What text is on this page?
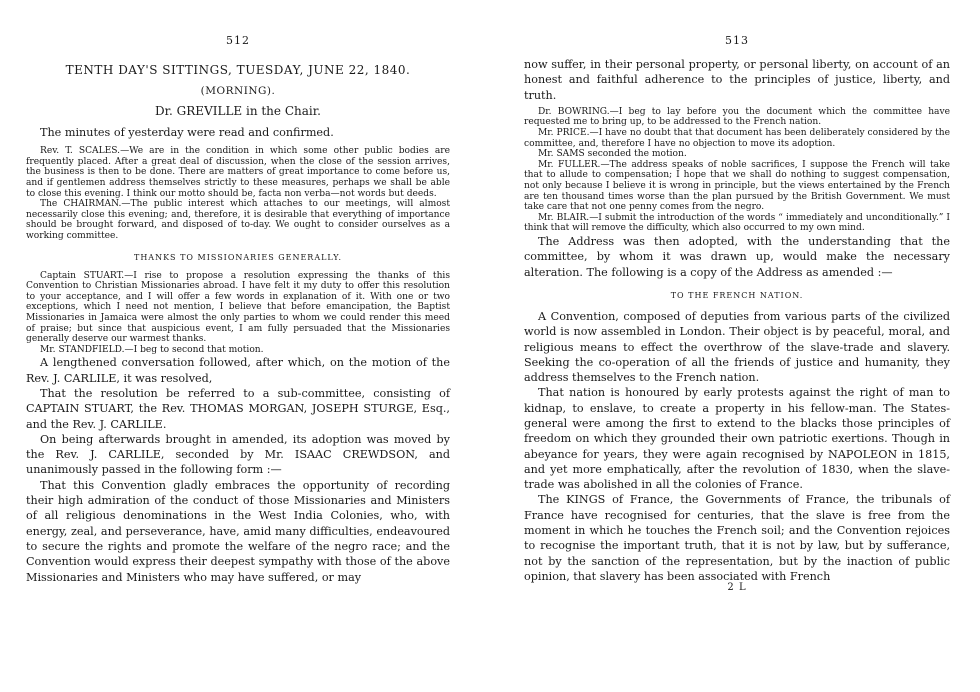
512
TENTH DAY'S SITTINGS, TUESDAY, JUNE 22, 1840.
(MORNING).
Dr. GREVILLE in the Chair.

The minutes of yesterday were read and confirmed.

Rev. T. SCALES.—We are in the condition in which some other public bodies are frequently placed. After a great deal of discussion, when the close of the session arrives, the business is then to be done. There are matters of great importance to come before us, and if gentlemen address themselves strictly to these measures, perhaps we shall be able to close this evening. I think our motto should be, facta non verba—not words but deeds.

The CHAIRMAN.—The public interest which attaches to our meetings, will almost necessarily close this evening; and, therefore, it is desirable that everything of importance should be brought forward, and disposed of to-day. We ought to consider ourselves as a working committee.

THANKS TO MISSIONARIES GENERALLY.

Captain STUART.—I rise to propose a resolution expressing the thanks of this Convention to Christian Missionaries abroad. I have felt it my duty to offer this resolution to your acceptance, and I will offer a few words in explanation of it. With one or two exceptions, which I need not mention, I believe that before emancipation, the Baptist Missionaries in Jamaica were almost the only parties to whom we could render this meed of praise; but since that auspicious event, I am fully persuaded that the Missionaries generally deserve our warmest thanks.

Mr. STANDFIELD.—I beg to second that motion.

A lengthened conversation followed, after which, on the motion of the Rev. J. CARLILE, it was resolved,

That the resolution be referred to a sub-committee, consisting of CAPTAIN STUART, the Rev. THOMAS MORGAN, JOSEPH STURGE, Esq., and the Rev. J. CARLILE.

On being afterwards brought in amended, its adoption was moved by the Rev. J. CARLILE, seconded by Mr. ISAAC CREWDSON, and unanimously passed in the following form :—

That this Convention gladly embraces the opportunity of recording their high admiration of the conduct of those Missionaries and Ministers of all religious denominations in the West India Colonies, who, with energy, zeal, and perseverance, have, amid many difficulties, endeavoured to secure the rights and promote the welfare of the negro race; and the Convention would express their deepest sympathy with those of the above Missionaries and Ministers who may have suffered, or may

513

now suffer, in their personal property, or personal liberty, on account of an honest and faithful adherence to the principles of justice, liberty, and truth.

Dr. BOWRING.—I beg to lay before you the document which the committee have requested me to bring up, to be addressed to the French nation.

Mr. PRICE.—I have no doubt that that document has been deliberately considered by the committee, and, therefore I have no objection to move its adoption.

Mr. SAMS seconded the motion.

Mr. FULLER.—The address speaks of noble sacrifices, I suppose the French will take that to allude to compensation; I hope that we shall do nothing to suggest compensation, not only because I believe it is wrong in principle, but the views entertained by the French are ten thousand times worse than the plan pursued by the British Government. We must take care that not one penny comes from the negro.

Mr. BLAIR.—I submit the introduction of the words “ immediately and unconditionally.” I think that will remove the difficulty, which also occurred to my own mind.

The Address was then adopted, with the understanding that the committee, by whom it was drawn up, would make the necessary alteration. The following is a copy of the Address as amended :—

TO THE FRENCH NATION.

A Convention, composed of deputies from various parts of the civilized world is now assembled in London. Their object is by peaceful, moral, and religious means to effect the overthrow of the slave-trade and slavery. Seeking the co-operation of all the friends of justice and humanity, they address themselves to the French nation.

That nation is honoured by early protests against the right of man to kidnap, to enslave, to create a property in his fellow-man. The States-general were among the first to extend to the blacks those principles of freedom on which they grounded their own patriotic exertions. Though in abeyance for years, they were again recognised by NAPOLEON in 1815, and yet more emphatically, after the revolution of 1830, when the slave-trade was abolished in all the colonies of France.

The KINGS of France, the Governments of France, the tribunals of France have recognised for centuries, that the slave is free from the moment in which he touches the French soil; and the Convention rejoices to recognise the important truth, that it is not by law, but by sufferance, not by the sanction of the representation, but by the inaction of public opinion, that slavery has been associated with French

2 L
